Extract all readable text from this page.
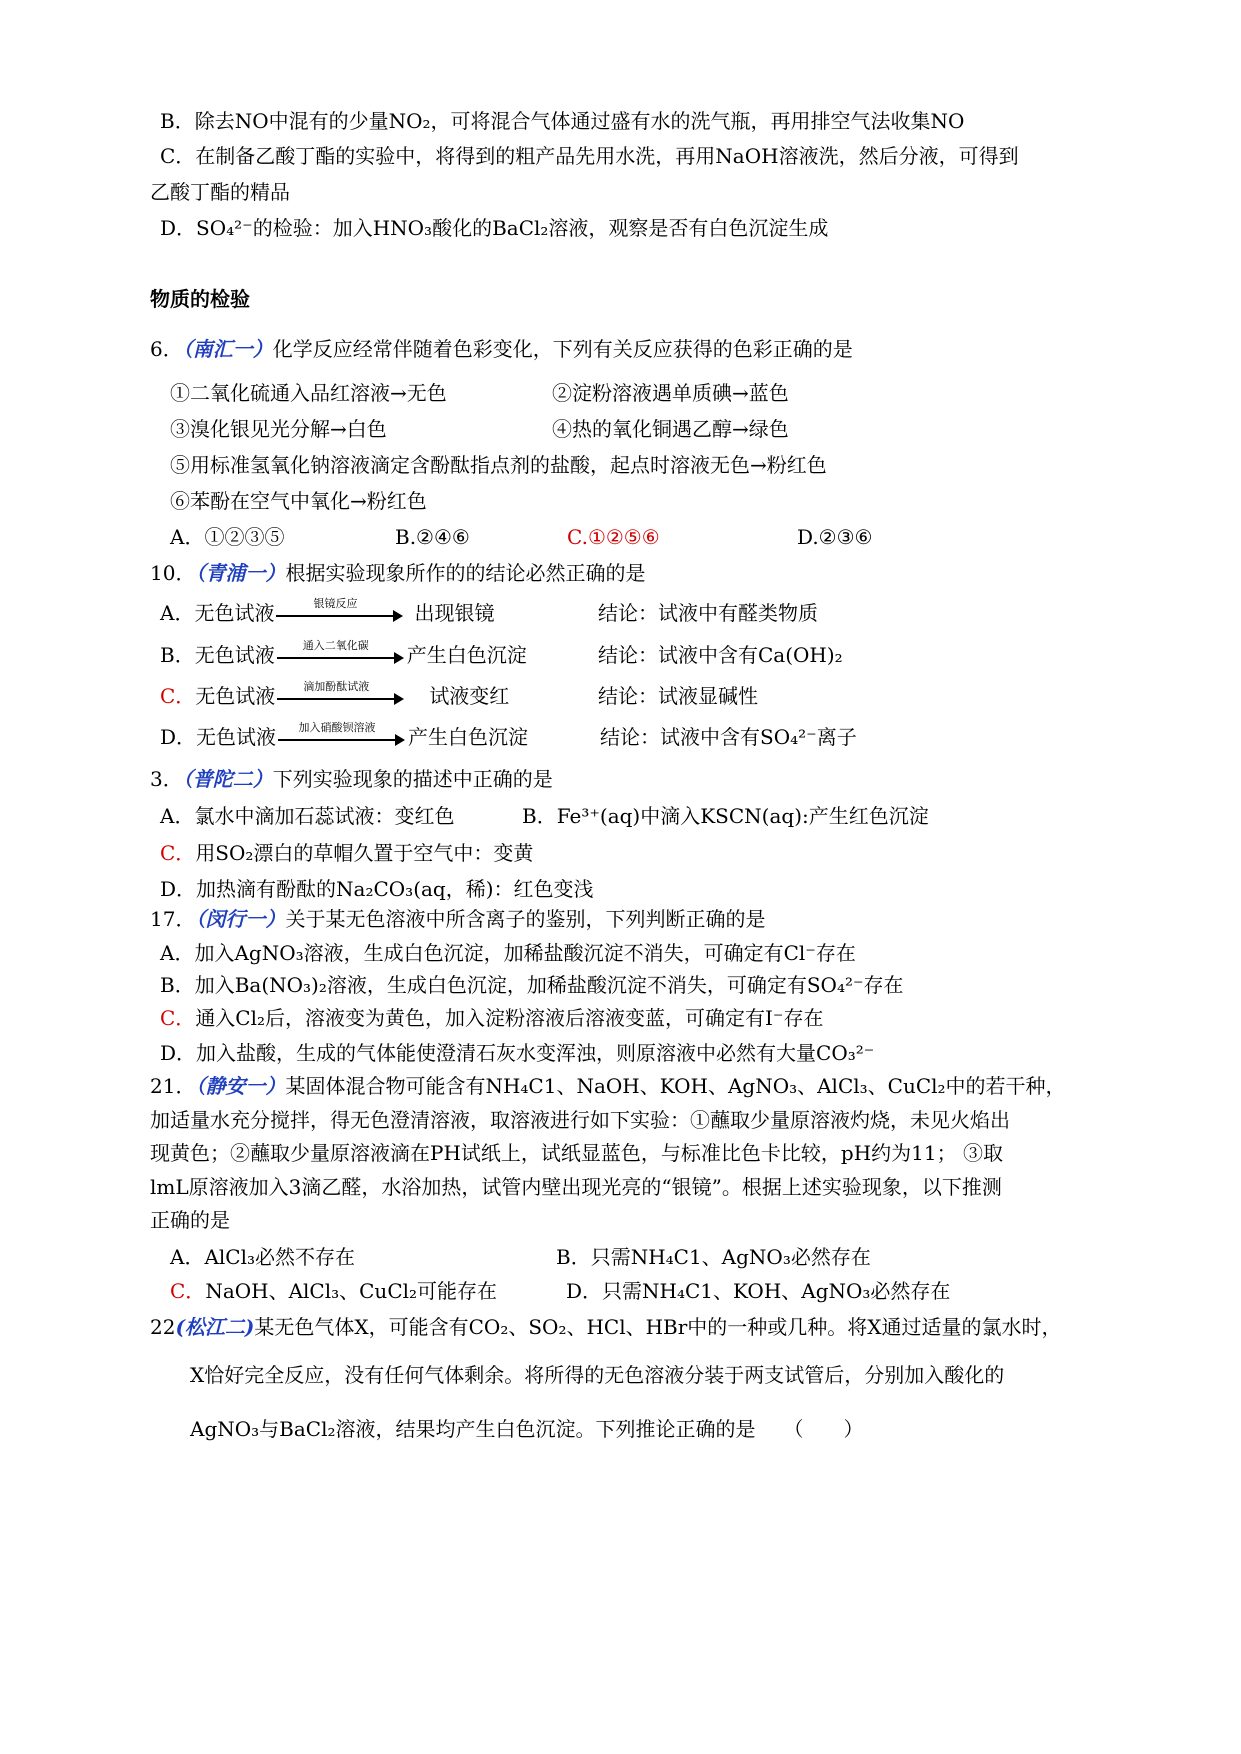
B．除去NO中混有的少量NO₂，可将混合气体通过盛有水的洗气瓶，再用排空气法收集NO
C．在制备乙酸丁酯的实验中，将得到的粗产品先用水洗，再用NaOH溶液洗，然后分液，可得到
乙酸丁酯的精品
D．SO₄²⁻的检验：加入HNO₃酸化的BaCl₂溶液，观察是否有白色沉淀生成
物质的检验
6．（南汇一）化学反应经常伴随着色彩变化，下列有关反应获得的色彩正确的是
①二氧化硫通入品红溶液→无色	②淀粉溶液遇单质碘→蓝色
③溴化银见光分解→白色	④热的氧化铜遇乙醇→绿色
⑤用标准氢氧化钠溶液滴定含酚酞指点剂的盐酸，起点时溶液无色→粉红色
⑥苯酚在空气中氧化→粉红色
A．①②③⑤	B.②④⑥	C.①②⑤⑥	D.②③⑥
10．（青浦一）根据实验现象所作的的结论必然正确的是
A．无色试液	银镜反应	出现银镜	结论：试液中有醛类物质
B．无色试液	通入二氧化碳	产生白色沉淀	结论：试液中含有Ca(OH)₂
C．无色试液	滴加酚酞试液	试液变红	结论：试液显碱性
D．无色试液	加入硝酸钡溶液	产生白色沉淀	结论：试液中含有SO₄²⁻离子
3．（普陀二）下列实验现象的描述中正确的是
A．氯水中滴加石蕊试液：变红色	B．Fe³⁺(aq)中滴入KSCN(aq):产生红色沉淀
C．用SO₂漂白的草帽久置于空气中：变黄
D．加热滴有酚酞的Na₂CO₃(aq，稀)：红色变浅
17．（闵行一）关于某无色溶液中所含离子的鉴别，下列判断正确的是
A．加入AgNO₃溶液，生成白色沉淀，加稀盐酸沉淀不消失，可确定有Cl⁻存在
B．加入Ba(NO₃)₂溶液，生成白色沉淀，加稀盐酸沉淀不消失，可确定有SO₄²⁻存在
C．通入Cl₂后，溶液变为黄色，加入淀粉溶液后溶液变蓝，可确定有I⁻存在
D．加入盐酸，生成的气体能使澄清石灰水变浑浊，则原溶液中必然有大量CO₃²⁻
21．（静安一）某固体混合物可能含有NH₄C1、NaOH、KOH、AgNO₃、AlCl₃、CuCl₂中的若干种，
加适量水充分搅拌，得无色澄清溶液，取溶液进行如下实验：①蘸取少量原溶液灼烧，未见火焰出
现黄色；②蘸取少量原溶液滴在PH试纸上，试纸显蓝色，与标准比色卡比较，pH约为11； ③取
lmL原溶液加入3滴乙醛，水浴加热，试管内壁出现光亮的“银镜”。根据上述实验现象，以下推测
正确的是
A．AlCl₃必然不存在	B．只需NH₄C1、AgNO₃必然存在
C．NaOH、AlCl₃、CuCl₂可能存在	D．只需NH₄C1、KOH、AgNO₃必然存在
22(松江二)某无色气体X，可能含有CO₂、SO₂、HCl、HBr中的一种或几种。将X通过适量的氯水时，
X恰好完全反应，没有任何气体剩余。将所得的无色溶液分装于两支试管后，分别加入酸化的
AgNO₃与BaCl₂溶液，结果均产生白色沉淀。下列推论正确的是 （　　）
